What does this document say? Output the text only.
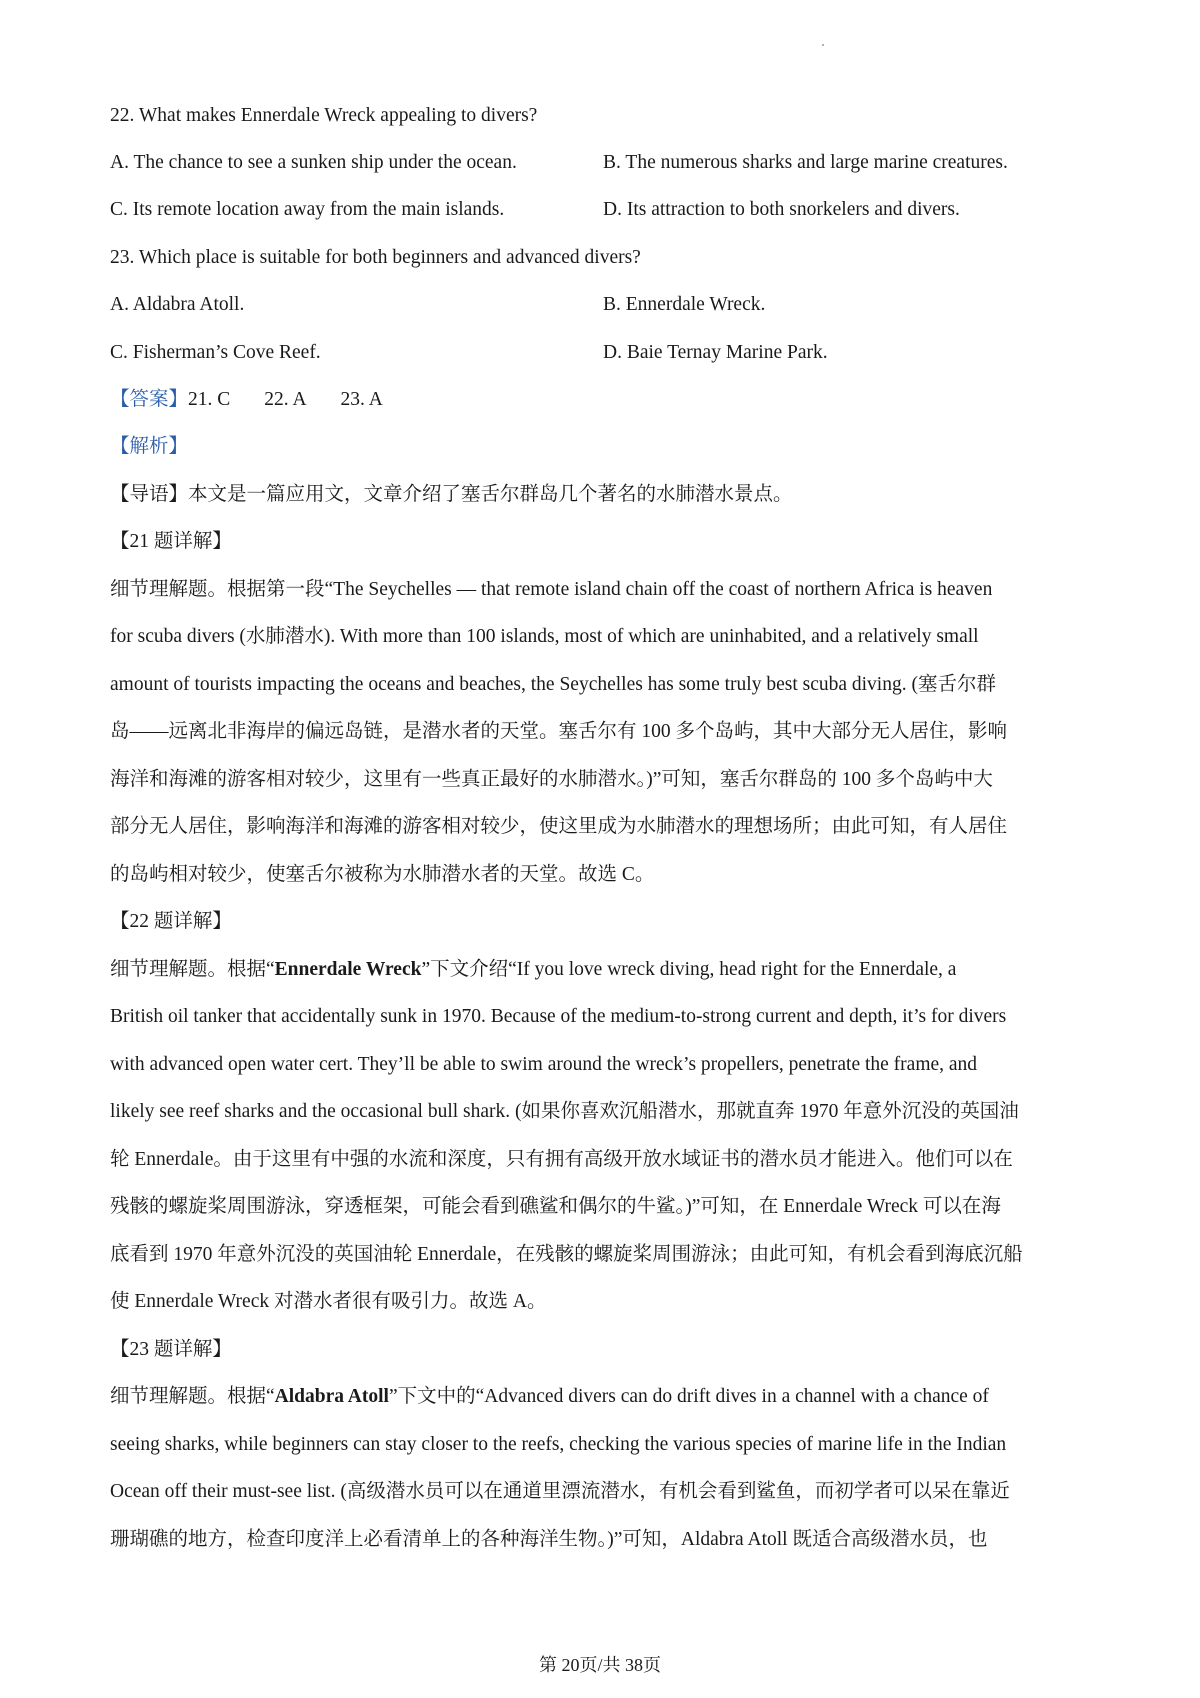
22. What makes Ennerdale Wreck appealing to divers?
A. The chance to see a sunken ship under the ocean.	B. The numerous sharks and large marine creatures.
C. Its remote location away from the main islands.	D. Its attraction to both snorkelers and divers.
23. Which place is suitable for both beginners and advanced divers?
A. Aldabra Atoll.	B. Ennerdale Wreck.
C. Fisherman’s Cove Reef.	D. Baie Ternay Marine Park.
【答案】21. C 22. A 23. A
【解析】
【导语】本文是一篇应用文，文章介绍了塞舌尔群岛几个著名的水肺潜水景点。
【21 题详解】
细节理解题。根据第一段“The Seychelles — that remote island chain off the coast of northern Africa is heaven
for scuba divers (水肺潜水). With more than 100 islands, most of which are uninhabited, and a relatively small
amount of tourists impacting the oceans and beaches, the Seychelles has some truly best scuba diving. (塞舌尔群
岛——远离北非海岸的偏远岛链，是潜水者的天堂。塞舌尔有 100 多个岛屿，其中大部分无人居住，影响
海洋和海滩的游客相对较少，这里有一些真正最好的水肺潜水。)”可知，塞舌尔群岛的 100 多个岛屿中大
部分无人居住，影响海洋和海滩的游客相对较少，使这里成为水肺潜水的理想场所；由此可知，有人居住
的岛屿相对较少，使塞舌尔被称为水肺潜水者的天堂。故选 C。
【22 题详解】
细节理解题。根据“Ennerdale Wreck”下文介绍“If you love wreck diving, head right for the Ennerdale, a
British oil tanker that accidentally sunk in 1970. Because of the medium-to-strong current and depth, it’s for divers
with advanced open water cert. They’ll be able to swim around the wreck’s propellers, penetrate the frame, and
likely see reef sharks and the occasional bull shark. (如果你喜欢沉船潜水，那就直奔 1970 年意外沉没的英国油
轮 Ennerdale。由于这里有中强的水流和深度，只有拥有高级开放水域证书的潜水员才能进入。他们可以在
残骸的螺旋桨周围游泳，穿透框架，可能会看到礁鲨和偶尔的牛鲨。)”可知，在 Ennerdale Wreck 可以在海
底看到 1970 年意外沉没的英国油轮 Ennerdale，在残骸的螺旋桨周围游泳；由此可知，有机会看到海底沉船
使 Ennerdale Wreck 对潜水者很有吸引力。故选 A。
【23 题详解】
细节理解题。根据“Aldabra Atoll”下文中的“Advanced divers can do drift dives in a channel with a chance of
seeing sharks, while beginners can stay closer to the reefs, checking the various species of marine life in the Indian
Ocean off their must-see list. (高级潜水员可以在通道里漂流潜水，有机会看到鲨鱼，而初学者可以呆在靠近
珊瑚礁的地方，检查印度洋上必看清单上的各种海洋生物。)”可知，Aldabra Atoll 既适合高级潜水员，也
第 20页/共 38页
